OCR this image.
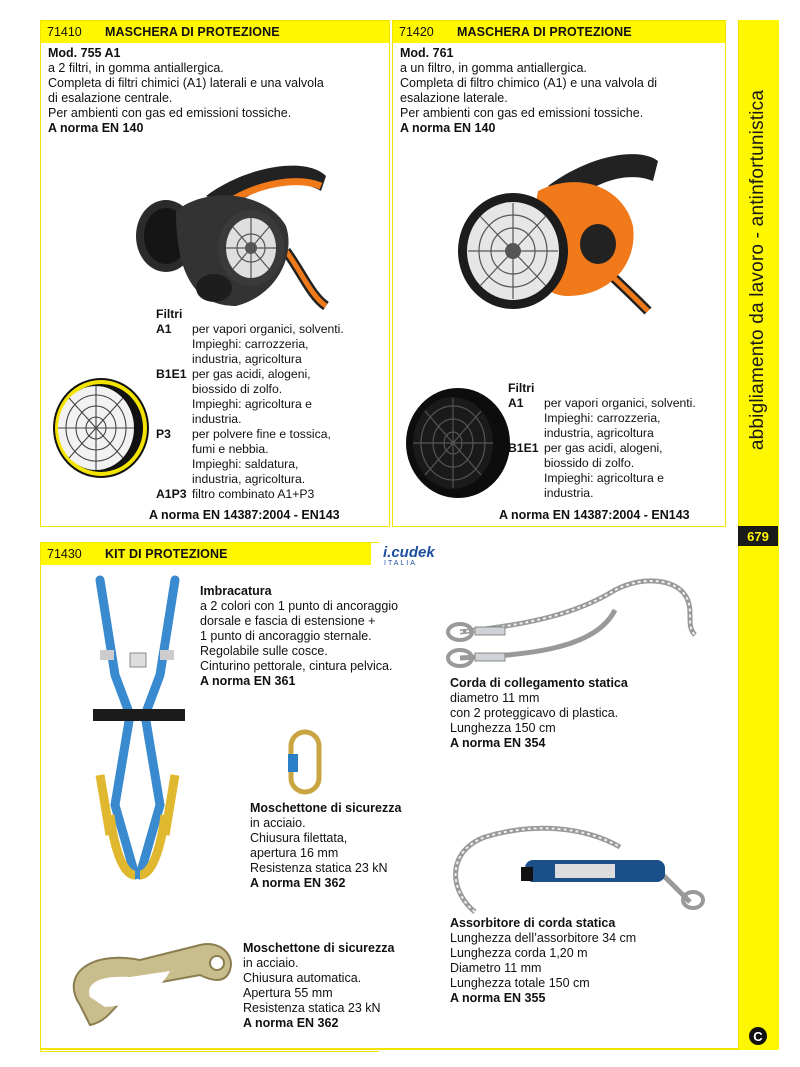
abbigliamento da lavoro - antinfortunistica
679
C
71410	MASCHERA DI PROTEZIONE
Mod. 755 A1
a 2 filtri, in gomma antiallergica.
Completa di filtri chimici (A1) laterali e una valvola
di esalazione centrale.
Per ambienti con gas ed emissioni tossiche.
A norma EN 140
Filtri
A1	per vapori organici, solventi.
Impieghi: carrozzeria,
industria, agricoltura
B1E1 per gas acidi, alogeni,
biossido di zolfo.
Impieghi: agricoltura e
industria.
P3	per polvere fine e tossica,
fumi e nebbia.
Impieghi: saldatura,
industria, agricoltura.
A1P3 filtro combinato A1+P3
A norma EN 14387:2004 - EN143
71420	MASCHERA DI PROTEZIONE
Mod. 761
a un filtro, in gomma antiallergica.
Completa di filtro chimico (A1) e una valvola di
esalazione laterale.
Per ambienti con gas ed emissioni tossiche.
A norma EN 140
Filtri
A1	per vapori organici, solventi.
Impieghi: carrozzeria,
industria, agricoltura
B1E1 per gas acidi, alogeni,
biossido di zolfo.
Impieghi: agricoltura e
industria.
A norma EN 14387:2004 - EN143
71430	KIT DI PROTEZIONE	i.cudek
ITALIA
Imbracatura
a 2 colori con 1 punto di ancoraggio
dorsale e fascia di estensione +
1 punto di ancoraggio sternale.
Regolabile sulle cosce.
Cinturino pettorale, cintura pelvica.
A norma EN 361	Corda di collegamento statica
diametro 11 mm
con 2 proteggicavo di plastica.
Lunghezza 150 cm
A norma EN 354
Moschettone di sicurezza
in acciaio.
Chiusura filettata,
apertura 16 mm
Resistenza statica 23 kN
A norma EN 362
Assorbitore di corda statica
Lunghezza dell’assorbitore 34 cm
Lunghezza corda 1,20 m
Diametro 11 mm
Lunghezza totale 150 cm
A norma EN 355
Moschettone di sicurezza
in acciaio.
Chiusura automatica.
Apertura 55 mm
Resistenza statica 23 kN
A norma EN 362
